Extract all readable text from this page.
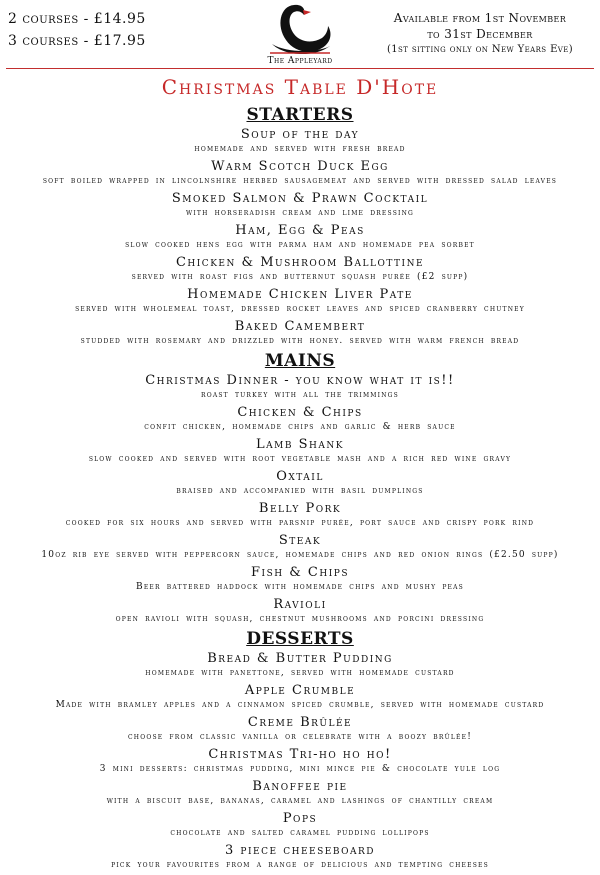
2 courses - £14.95
3 courses - £17.95
The Appleyard
Available from 1st November
to 31st December
(1st sitting only on New Years Eve)
Christmas Table D'Hote
STARTERS
Soup of the day
homemade and served with fresh bread
Warm Scotch Duck Egg
soft boiled wrapped in lincolnshire herbed sausagemeat and served with dressed salad leaves
Smoked Salmon & Prawn Cocktail
with horseradish cream and lime dressing
Ham, Egg & Peas
slow cooked hens egg with parma ham and homemade pea sorbet
Chicken & Mushroom Ballottine
served with roast figs and butternut squash purée (£2 supp)
Homemade Chicken Liver Pate
served with wholemeal toast, dressed rocket leaves and spiced cranberry chutney
Baked Camembert
studded with rosemary and drizzled with honey. served with warm french bread
MAINS
Christmas Dinner - you know what it is!!
roast turkey with all the trimmings
Chicken & Chips
confit chicken, homemade chips and garlic & herb sauce
Lamb Shank
slow cooked and served with root vegetable mash and a rich red wine gravy
Oxtail
braised and accompanied with basil dumplings
Belly Pork
cooked for six hours and served with parsnip purée, port sauce and crispy pork rind
Steak
10oz rib eye served with peppercorn sauce, homemade chips and red onion rings (£2.50 supp)
Fish & Chips
Beer battered haddock with homemade chips and mushy peas
Ravioli
open ravioli with squash, chestnut mushrooms and porcini dressing
DESSERTS
Bread & Butter Pudding
homemade with panettone, served with homemade custard
Apple Crumble
Made with bramley apples and a cinnamon spiced crumble, served with homemade custard
Creme Brûlée
choose from classic vanilla or celebrate with a boozy brûlée!
Christmas Tri-ho ho ho!
3 mini desserts: christmas pudding, mini mince pie & chocolate yule log
Banoffee pie
with a biscuit base, bananas, caramel and lashings of chantilly cream
Pops
chocolate and salted caramel pudding lollipops
3 piece cheeseboard
pick your favourites from a range of delicious and tempting cheeses
